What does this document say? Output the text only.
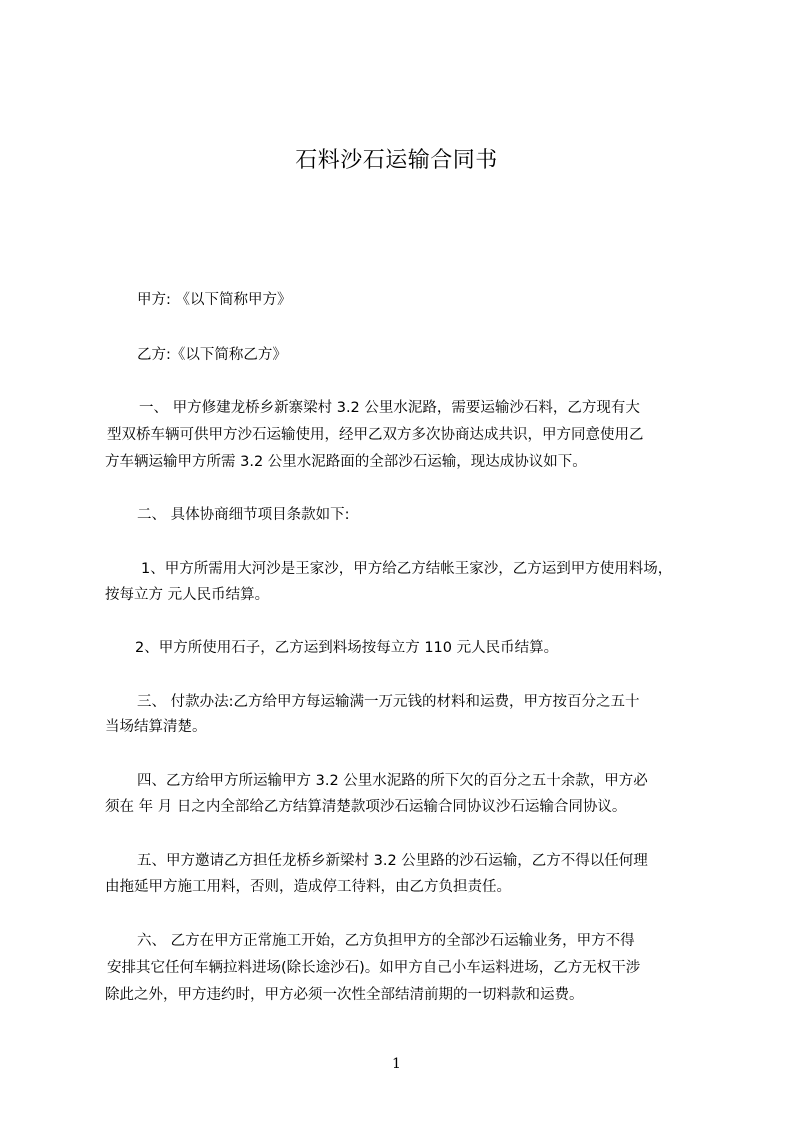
石料沙石运输合同书
甲方: 《以下简称甲方》
乙方:《以下简称乙方》
一、 甲方修建龙桥乡新寨梁村 3.2 公里水泥路，需要运输沙石料，乙方现有大
型双桥车辆可供甲方沙石运输使用，经甲乙双方多次协商达成共识，甲方同意使用乙
方车辆运输甲方所需 3.2 公里水泥路面的全部沙石运输，现达成协议如下。
二、 具体协商细节项目条款如下:
1、甲方所需用大河沙是王家沙，甲方给乙方结帐王家沙，乙方运到甲方使用料场，
按每立方 元人民币结算。
2、甲方所使用石子，乙方运到料场按每立方 110 元人民币结算。
三、 付款办法:乙方给甲方每运输满一万元钱的材料和运费，甲方按百分之五十
当场结算清楚。
四、乙方给甲方所运输甲方 3.2 公里水泥路的所下欠的百分之五十余款，甲方必
须在 年 月 日之内全部给乙方结算清楚款项沙石运输合同协议沙石运输合同协议。
五、甲方邀请乙方担任龙桥乡新梁村 3.2 公里路的沙石运输，乙方不得以任何理
由拖延甲方施工用料，否则，造成停工待料，由乙方负担责任。
六、 乙方在甲方正常施工开始，乙方负担甲方的全部沙石运输业务，甲方不得
安排其它任何车辆拉料进场(除长途沙石)。如甲方自己小车运料进场，乙方无权干涉
除此之外，甲方违约时，甲方必须一次性全部结清前期的一切料款和运费。
1
